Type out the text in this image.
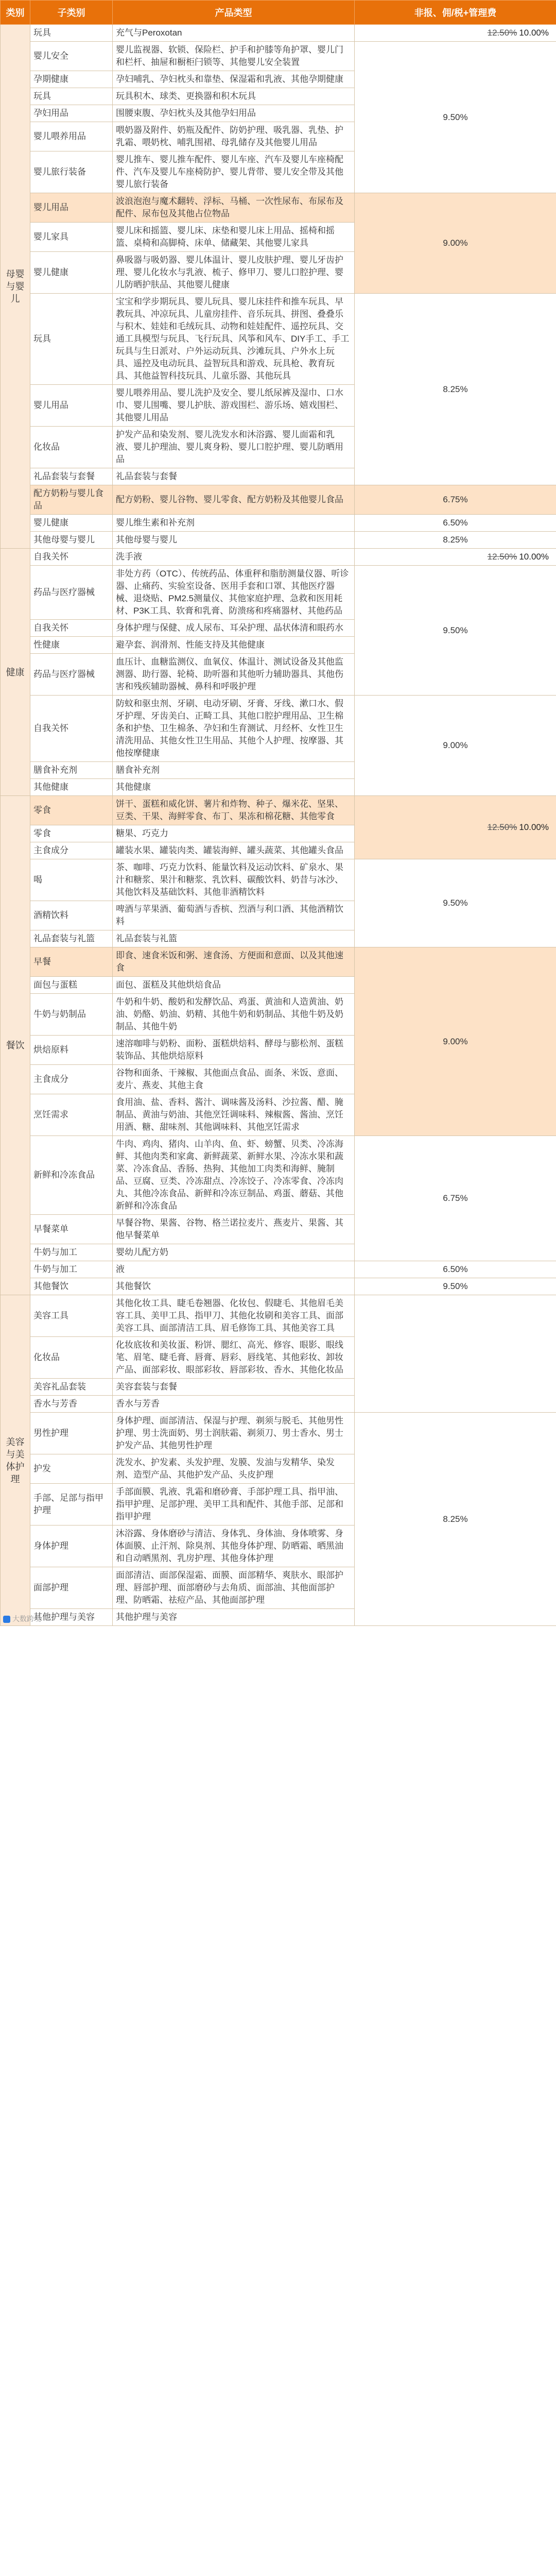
类别	子类别	产品类型	非报、佣/税+管理费
母婴与婴儿	玩具	充气与Peroxotan	12.50% 10.00%
	婴儿安全	婴儿监视器、软锁、保险栏、护手和护膝等角护罩、婴儿门和栏杆、抽屉和橱柜闩锁等、其他婴儿安全装置	9.50%
	孕期健康	孕妇哺乳、孕妇枕头和靠垫、保湿霜和乳液、其他孕期健康	
	玩具	玩具积木、球类、更换器和积木玩具	
	孕妇用品	围腰束腹、孕妇枕头及其他孕妇用品	
	婴儿喂养用品	喂奶器及附件、奶瓶及配件、防奶护理、吸乳器、乳垫、护乳霜、喂奶枕、哺乳围裙、母乳储存及其他婴儿用品	
	婴儿旅行装备	婴儿推车、婴儿推车配件、婴儿车座、汽车及婴儿车座椅配件、汽车及婴儿车座椅防护、婴儿背带、婴儿安全带及其他婴儿旅行装备	
	婴儿用品	波浪泡泡与魔术翻转、浮标、马桶、一次性尿布、布尿布及配件、尿布包及其他占位物品	9.00%
	婴儿家具	婴儿床和摇篮、婴儿床、床垫和婴儿床上用品、摇椅和摇篮、桌椅和高脚椅、床单、储藏架、其他婴儿家具	
	婴儿健康	鼻吸器与吸奶器、婴儿体温计、婴儿皮肤护理、婴儿牙齿护理、婴儿化妆水与乳液、梳子、修甲刀、婴儿口腔护理、婴儿防晒护肤品、其他婴儿健康	
	玩具	宝宝和学步期玩具、婴儿玩具、婴儿床挂件和推车玩具、早教玩具、冲凉玩具、儿童房挂件、音乐玩具、拼图、叠叠乐与积木、娃娃和毛绒玩具、动物和娃娃配件、遥控玩具、交通工具模型与玩具、飞行玩具、风筝和风车、DIY手工、手工玩具与生日派对、户外运动玩具、沙滩玩具、户外水上玩具、遥控及电动玩具、益智玩具和游戏、玩具枪、教育玩具、其他益智科技玩具、儿童乐器、其他玩具	8.25%
	婴儿用品	婴儿喂养用品、婴儿洗护及安全、婴儿纸尿裤及湿巾、口水巾、婴儿围嘴、婴儿护肤、游戏围栏、游乐场、嬉戏围栏、其他婴儿用品	
	化妆品	护发产品和染发剂、婴儿洗发水和沐浴露、婴儿面霜和乳液、婴儿护理油、婴儿爽身粉、婴儿口腔护理、婴儿防晒用品	
	礼品套装与套餐	礼品套装与套餐	
	配方奶粉与婴儿食品	配方奶粉、婴儿谷物、婴儿零食、配方奶粉及其他婴儿食品	6.75%
	婴儿健康	婴儿维生素和补充剂	6.50%
	其他母婴与婴儿	其他母婴与婴儿	8.25%
健康	自我关怀	洗手液	12.50% 10.00%
	药品与医疗器械	非处方药（OTC）、传统药品、体重秤和脂肪测量仪器、听诊器、止痛药、实验室设备、医用手套和口罩、其他医疗器械、退烧贴、PM2.5测量仪、其他家庭护理、急救和医用耗材、P3K工具、软膏和乳膏、防溃疡和疼痛器材、其他药品	9.50%
	自我关怀	身体护理与保健、成人尿布、耳朵护理、晶状体清和眼药水	
	性健康	避孕套、润滑剂、性能支持及其他健康	
	药品与医疗器械	血压计、血糖监测仪、血氧仪、体温计、测试设备及其他监测器、助行器、轮椅、助听器和其他听力辅助器具、其他伤害和残疾辅助器械、鼻科和呼吸护理	
	自我关怀	防蚊和驱虫剂、牙刷、电动牙刷、牙膏、牙线、漱口水、假牙护理、牙齿美白、正畸工具、其他口腔护理用品、卫生棉条和护垫、卫生棉条、孕妇和生育测试、月经杯、女性卫生清洗用品、其他女性卫生用品、其他个人护理、按摩器、其他按摩健康	9.00%
	膳食补充剂	膳食补充剂	
	其他健康	其他健康	
餐饮	零食	饼干、蛋糕和威化饼、薯片和炸物、种子、爆米花、坚果、豆类、干果、海鲜零食、布丁、果冻和棉花糖、其他零食	12.50% 10.00%
	零食	糖果、巧克力	
	主食成分	罐装水果、罐装肉类、罐装海鲜、罐头蔬菜、其他罐头食品	
	喝	茶、咖啡、巧克力饮料、能量饮料及运动饮料、矿泉水、果汁和糖浆、果汁和糖浆、乳饮料、碳酸饮料、奶昔与冰沙、其他饮料及基础饮料、其他非酒精饮料	9.50%
	酒精饮料	啤酒与苹果酒、葡萄酒与香槟、烈酒与利口酒、其他酒精饮料	
	礼品套装与礼篮	礼品套装与礼篮	
	早餐	即食、速食米饭和粥、速食汤、方便面和意面、以及其他速食	9.00%
	面包与蛋糕	面包、蛋糕及其他烘焙食品	
	牛奶与奶制品	牛奶和牛奶、酸奶和发酵饮品、鸡蛋、黄油和人造黄油、奶油、奶酪、奶油、奶精、其他牛奶和奶制品、其他牛奶及奶制品、其他牛奶	
	烘焙原料	速溶咖啡与奶粉、面粉、蛋糕烘焙料、酵母与膨松剂、蛋糕装饰品、其他烘焙原料	
	主食成分	谷物和面条、干辣椒、其他面点食品、面条、米饭、意面、麦片、燕麦、其他主食	
	烹饪需求	食用油、盐、香料、酱汁、调味酱及汤料、沙拉酱、醋、腌制品、黄油与奶油、其他烹饪调味料、辣椒酱、酱油、烹饪用酒、糖、甜味剂、其他调味料、其他烹饪需求	
	新鲜和冷冻食品	牛肉、鸡肉、猪肉、山羊肉、鱼、虾、螃蟹、贝类、冷冻海鲜、其他肉类和家禽、新鲜蔬菜、新鲜水果、冷冻水果和蔬菜、冷冻食品、香肠、热狗、其他加工肉类和海鲜、腌制品、豆腐、豆类、冷冻甜点、冷冻饺子、冷冻零食、冷冻肉丸、其他冷冻食品、新鲜和冷冻豆制品、鸡蛋、蘑菇、其他新鲜和冷冻食品	6.75%
	早餐菜单	早餐谷物、果酱、谷物、格兰诺拉麦片、燕麦片、果酱、其他早餐菜单	
	牛奶与加工	婴幼儿配方奶	
	牛奶与加工	液	6.50%
	其他餐饮	其他餐饮	9.50%
美容与美体护理	美容工具	其他化妆工具、睫毛卷翘器、化妆包、假睫毛、其他眉毛美容工具、美甲工具、指甲刀、其他化妆刷和美容工具、面部美容工具、面部清洁工具、眉毛修饰工具、其他美容工具	
	化妆品	化妆底妆和美妆蛋、粉饼、腮红、高光、修容、眼影、眼线笔、眉笔、睫毛膏、唇膏、唇彩、唇线笔、其他彩妆、卸妆产品、面部彩妆、眼部彩妆、唇部彩妆、香水、其他化妆品	
	美容礼品套装	美容套装与套餐	
	香水与芳香	香水与芳香	
	男性护理	身体护理、面部清洁、保湿与护理、剃须与脱毛、其他男性护理、男士洗面奶、男士润肤霜、剃须刀、男士香水、男士护发产品、其他男性护理	8.25%
	护发	洗发水、护发素、头发护理、发膜、发油与发精华、染发剂、造型产品、其他护发产品、头皮护理	
	手部、足部与指甲护理	手部面膜、乳液、乳霜和磨砂膏、手部护理工具、指甲油、指甲护理、足部护理、美甲工具和配件、其他手部、足部和指甲护理	
	身体护理	沐浴露、身体磨砂与清洁、身体乳、身体油、身体喷雾、身体面膜、止汗剂、除臭剂、其他身体护理、防晒霜、晒黑油和自动晒黑剂、乳房护理、其他身体护理	
	面部护理	面部清洁、面部保湿霜、面膜、面部精华、爽肤水、眼部护理、唇部护理、面部磨砂与去角质、面部油、其他面部护理、防晒霜、祛痘产品、其他面部护理	
	其他护理与美容	其他护理与美容	
大数跨境
